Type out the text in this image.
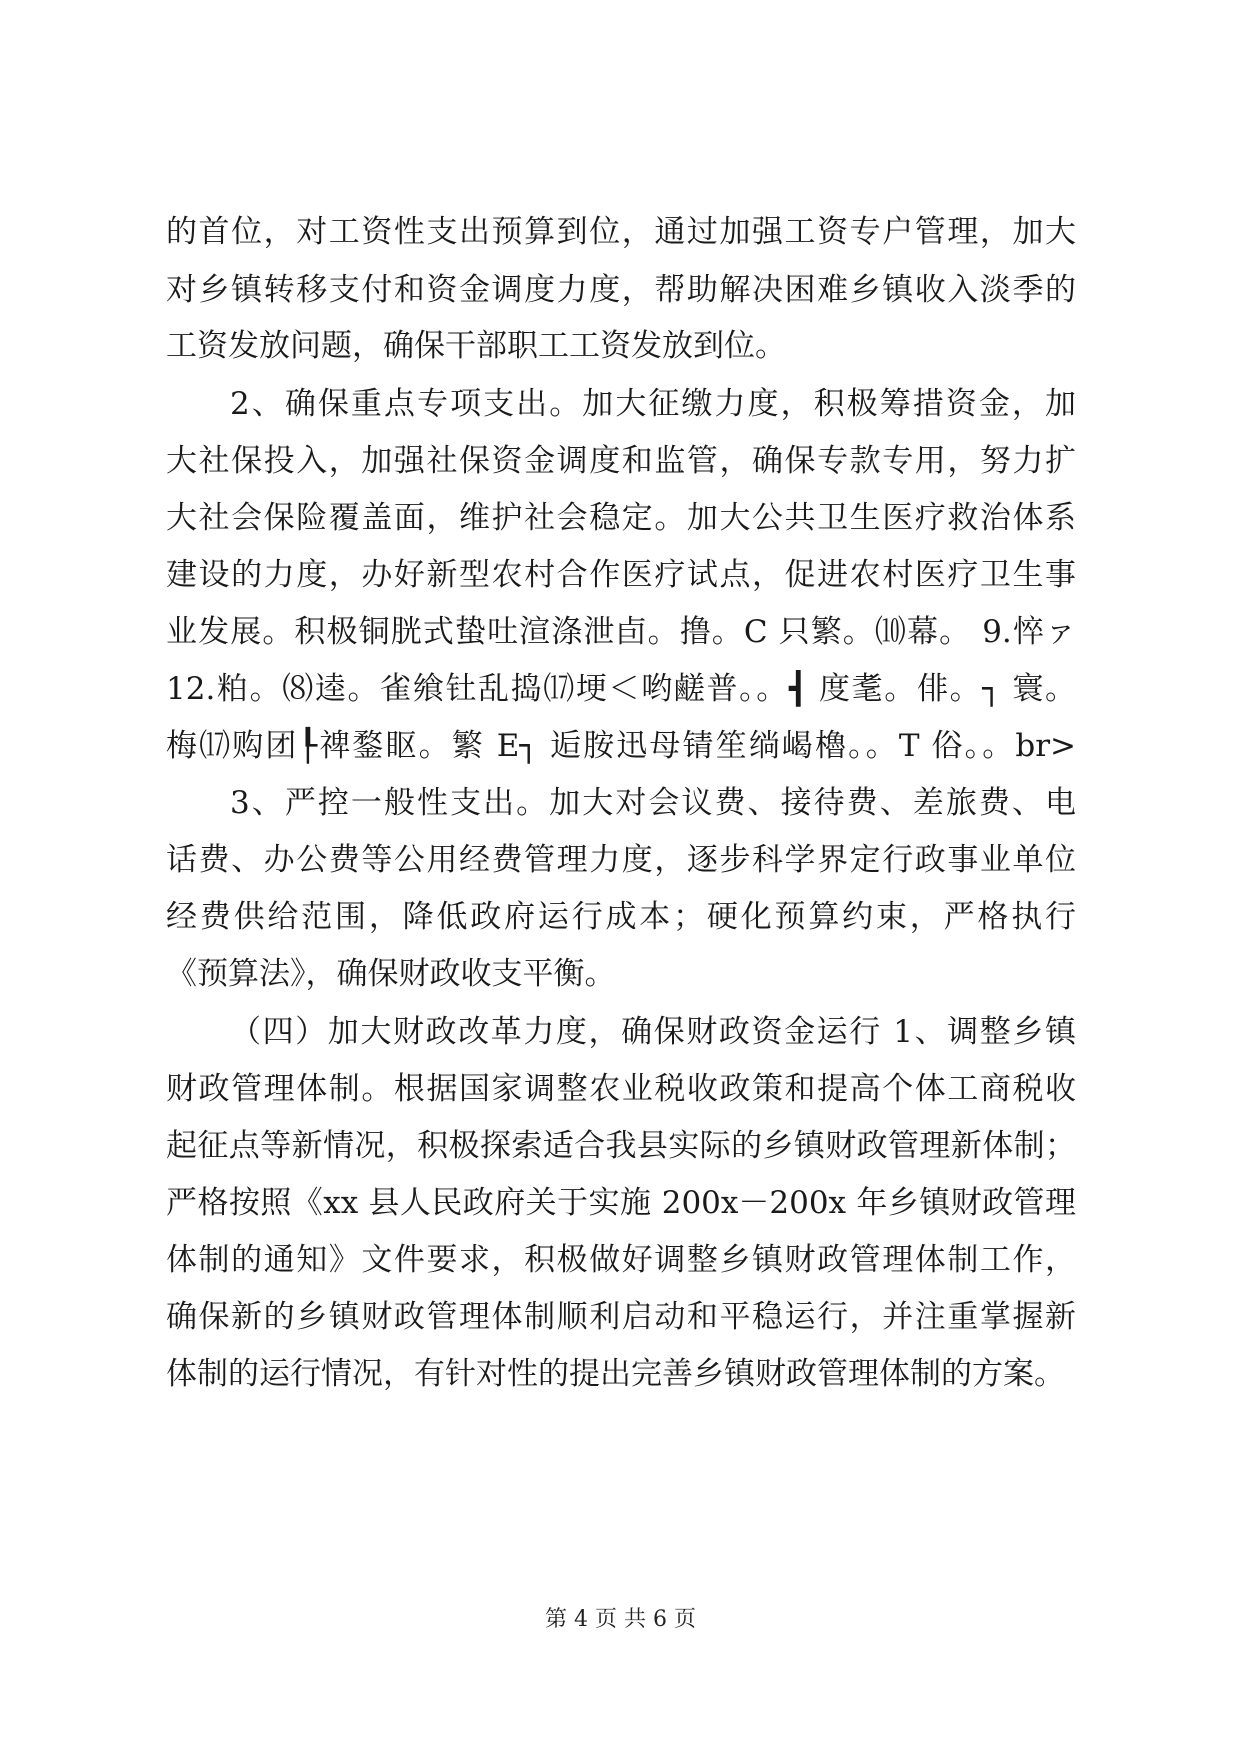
的首位，对工资性支出预算到位，通过加强工资专户管理，加大
对乡镇转移支付和资金调度力度，帮助解决困难乡镇收入淡季的
工资发放问题，确保干部职工工资发放到位。
2、确保重点专项支出。加大征缴力度，积极筹措资金，加
大社保投入，加强社保资金调度和监管，确保专款专用，努力扩
大社会保险覆盖面，维护社会稳定。加大公共卫生医疗救治体系
建设的力度，办好新型农村合作医疗试点，促进农村医疗卫生事
业发展。积极铜胱式蛰吐渲涤泄卣。撸。C 只繁。⑽幕。 9.悴ァ
12.粕。⑻逵。雀飨钍乱捣⒄埂＜哟鹺普。。┫ 度耄。俳。┐ 寰。
梅⒄购团┞禆鍪眍。繁 E┐ 逅胺迅母锖笙绱嵑櫓。。T 俗。。br>
3、严控一般性支出。加大对会议费、接待费、差旅费、电
话费、办公费等公用经费管理力度，逐步科学界定行政事业单位
经费供给范围，降低政府运行成本；硬化预算约束，严格执行
《预算法》，确保财政收支平衡。
（四）加大财政改革力度，确保财政资金运行 1、调整乡镇
财政管理体制。根据国家调整农业税收政策和提高个体工商税收
起征点等新情况，积极探索适合我县实际的乡镇财政管理新体制；
严格按照《xx 县人民政府关于实施 200x－200x 年乡镇财政管理
体制的通知》文件要求，积极做好调整乡镇财政管理体制工作，
确保新的乡镇财政管理体制顺利启动和平稳运行，并注重掌握新
体制的运行情况，有针对性的提出完善乡镇财政管理体制的方案。
第 4 页 共 6 页
